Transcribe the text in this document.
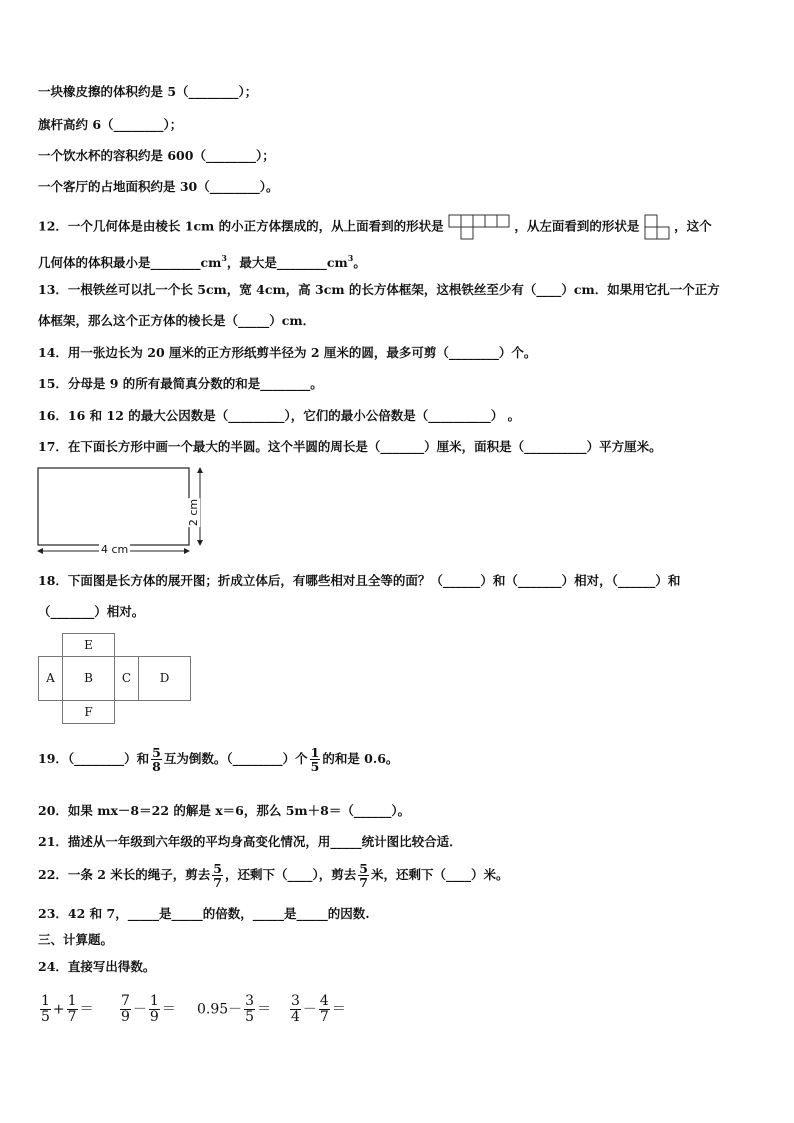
一块橡皮擦的体积约是 5（________）；
旗杆高约 6（________）；
一个饮水杯的容积约是 600（________）；
一个客厅的占地面积约是 30（________）。
12．一个几何体是由棱长 1cm 的小正方体摆成的，从上面看到的形状是	，从左面看到的形状是	，这个
几何体的体积最小是$\_\_\_\_\_\_\_\_cm^3$，最大是$\_\_\_\_\_\_\_\_cm^3$。
13．一根铁丝可以扎一个长 5cm，宽 4cm，高 3cm 的长方体框架，这根铁丝至少有（____）cm．如果用它扎一个正方
体框架，那么这个正方体的棱长是（_____）cm．
14．用一张边长为 20 厘米的正方形纸剪半径为 2 厘米的圆，最多可剪（________）个。
15．分母是 9 的所有最简真分数的和是________。
16．16 和 12 的最大公因数是（_________），它们的最小公倍数是（__________） 。
17．在下面长方形中画一个最大的半圆。这个半圆的周长是（_______）厘米，面积是（__________）平方厘米。
2 cm
4 cm
18．下面图是长方体的展开图；折成立体后，有哪些相对且全等的面？（______）和（_______）相对，（______）和
（_______）相对。
E
A	B	C	D
F
19．（________）和 $\frac{5}{8}$ 互为倒数。（________）个 $\frac{1}{5}$ 的和是 0.6。
20．如果 mx－8＝22 的解是 x＝6，那么 5m＋8＝（______）。
21．描述从一年级到六年级的平均身高变化情况，用_____统计图比较合适．
22．一条 2 米长的绳子，剪去 $\frac{5}{7}$ ，还剩下（____），剪去 $\frac{5}{7}$ 米，还剩下（____）米。
23．42 和 7，_____是_____的倍数，_____是_____的因数.
三、计算题。
24．直接写出得数。
$\frac{1}{5} + \frac{1}{7} = \frac{7}{9} - \frac{1}{9} = 0.95- \frac{3}{5} = \frac{3}{4} - \frac{4}{7}$ ＝
